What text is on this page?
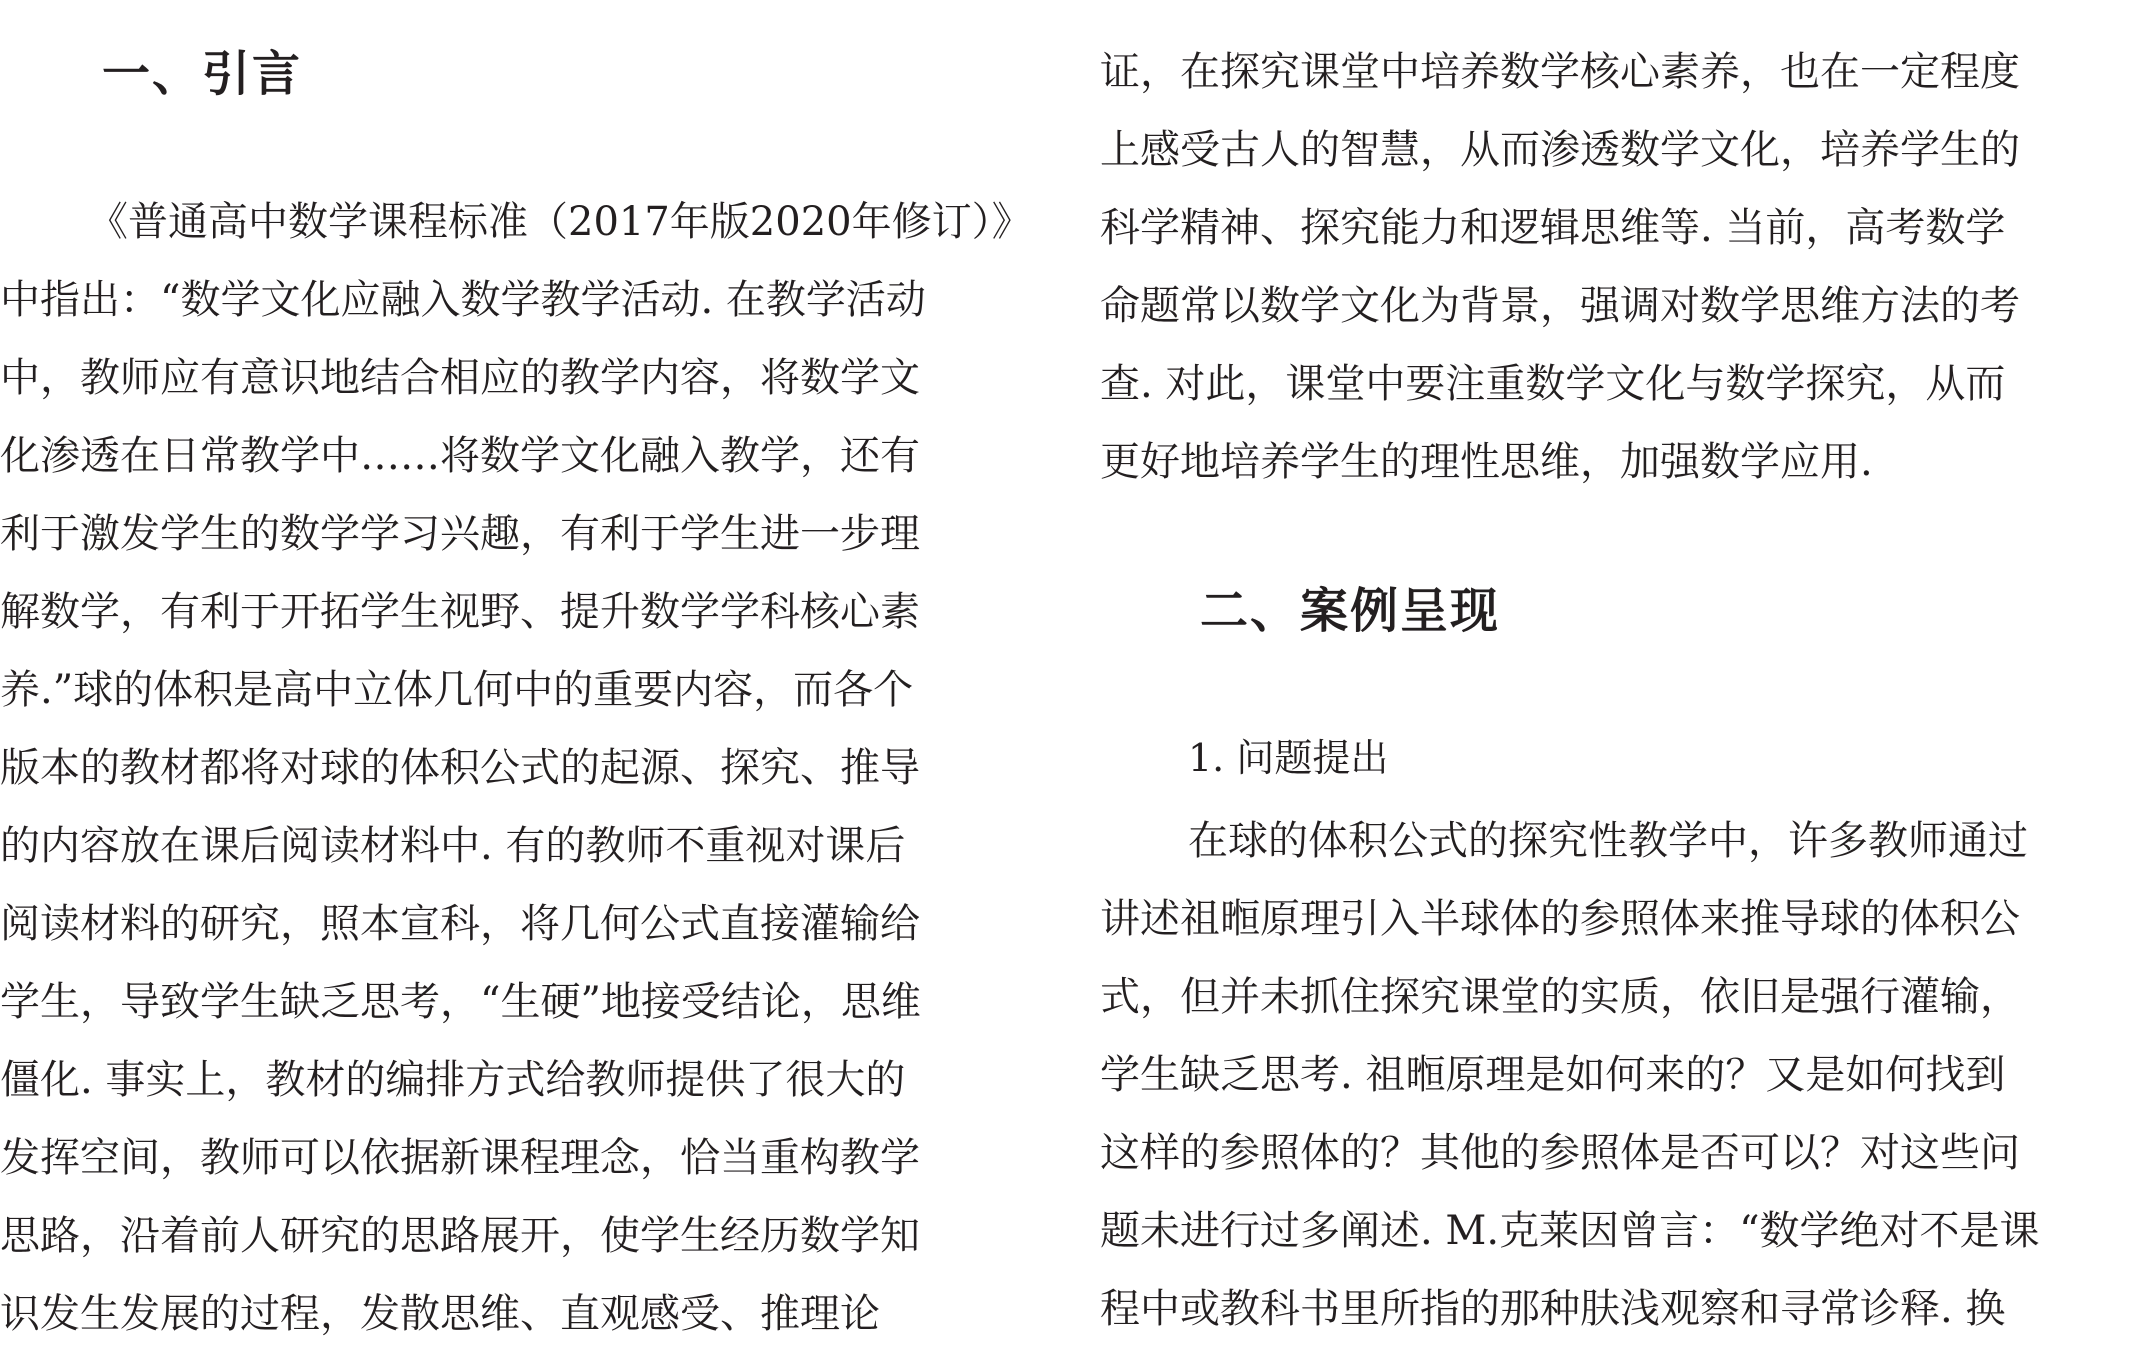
一、引言
《普通高中数学课程标准（2017年版2020年修订）》
中指出：“数学文化应融入数学教学活动. 在教学活动
中，教师应有意识地结合相应的教学内容，将数学文
化渗透在日常教学中……将数学文化融入教学，还有
利于激发学生的数学学习兴趣，有利于学生进一步理
解数学，有利于开拓学生视野、提升数学学科核心素
养.”球的体积是高中立体几何中的重要内容，而各个
版本的教材都将对球的体积公式的起源、探究、推导
的内容放在课后阅读材料中. 有的教师不重视对课后
阅读材料的研究，照本宣科，将几何公式直接灌输给
学生，导致学生缺乏思考，“生硬”地接受结论，思维
僵化. 事实上，教材的编排方式给教师提供了很大的
发挥空间，教师可以依据新课程理念，恰当重构教学
思路，沿着前人研究的思路展开，使学生经历数学知
识发生发展的过程，发散思维、直观感受、推理论
证，在探究课堂中培养数学核心素养，也在一定程度
上感受古人的智慧，从而渗透数学文化，培养学生的
科学精神、探究能力和逻辑思维等. 当前，高考数学
命题常以数学文化为背景，强调对数学思维方法的考
查. 对此，课堂中要注重数学文化与数学探究，从而
更好地培养学生的理性思维，加强数学应用.
二、案例呈现
1. 问题提出
在球的体积公式的探究性教学中，许多教师通过
讲述祖暅原理引入半球体的参照体来推导球的体积公
式，但并未抓住探究课堂的实质，依旧是强行灌输，
学生缺乏思考. 祖暅原理是如何来的？又是如何找到
这样的参照体的？其他的参照体是否可以？对这些问
题未进行过多阐述. M.克莱因曾言：“数学绝对不是课
程中或教科书里所指的那种肤浅观察和寻常诊释. 换
